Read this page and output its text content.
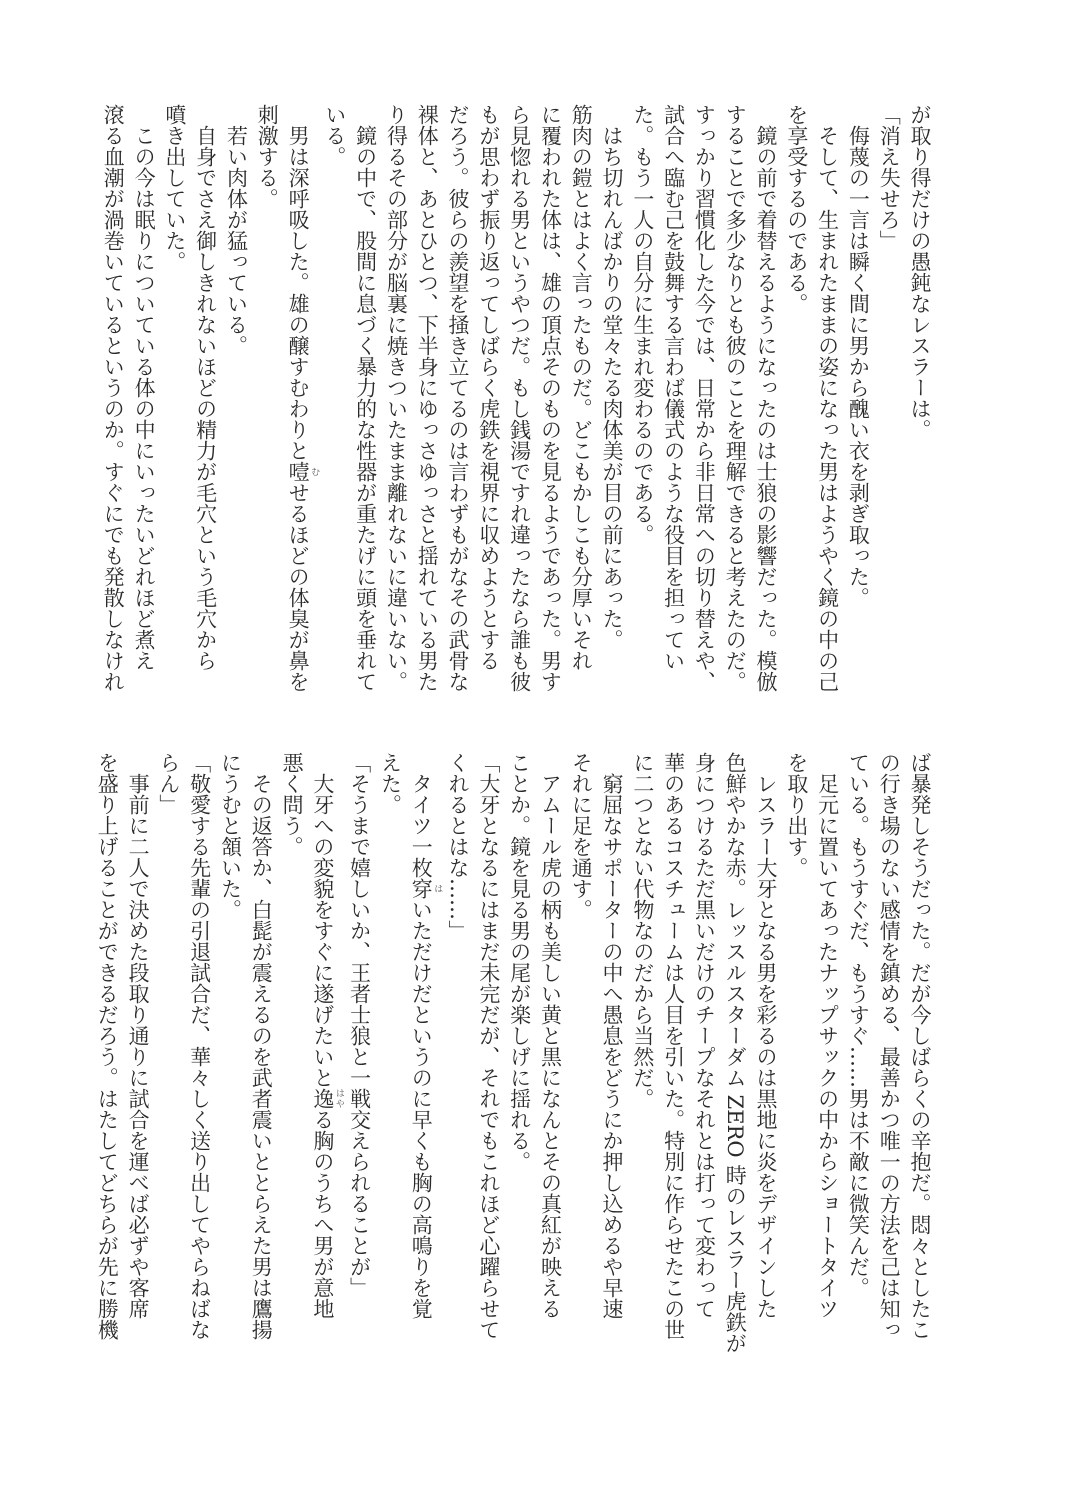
が取り得だけの愚鈍なレスラーは。
「消え失せろ」
　侮蔑の一言は瞬く間に男から醜い衣を剥ぎ取った。
　そして、生まれたままの姿になった男はようやく鏡の中の己
を享受するのである。
　鏡の前で着替えるようになったのは士狼の影響だった。模倣
することで多少なりとも彼のことを理解できると考えたのだ。
すっかり習慣化した今では、日常から非日常への切り替えや、
試合へ臨む己を鼓舞する言わば儀式のような役目を担ってい
た。もう一人の自分に生まれ変わるのである。
　はち切れんばかりの堂々たる肉体美が目の前にあった。
筋肉の鎧とはよく言ったものだ。どこもかしこも分厚いそれ
に覆われた体は、雄の頂点そのものを見るようであった。男す
ら見惚れる男というやつだ。もし銭湯ですれ違ったなら誰も彼
もが思わず振り返ってしばらく虎鉄を視界に収めようとする
だろう。彼らの羨望を掻き立てるのは言わずもがなその武骨な
裸体と、あとひとつ、下半身にゆっさゆっさと揺れている男た
り得るその部分が脳裏に焼きついたまま離れないに違いない。
　鏡の中で、股間に息づく暴力的な性器が重たげに頭を垂れて
いる。
　男は深呼吸した。雄の醸すむわりと噎 むせるほどの体臭が鼻を
刺激する。
　若い肉体が猛っている。
　自身でさえ御しきれないほどの精力が毛穴という毛穴から
噴き出していた。
　この今は眠りについている体の中にいったいどれほど煮え
滾る血潮が渦巻いているというのか。すぐにでも発散しなけれ
ば暴発しそうだった。だが今しばらくの辛抱だ。悶々としたこ
の行き場のない感情を鎮める、最善かつ唯一の方法を己は知っ
ている。もうすぐだ、もうすぐ……男は不敵に微笑んだ。
　足元に置いてあったナップサックの中からショートタイツ
を取り出す。
　レスラー大牙となる男を彩るのは黒地に炎をデザインした
色鮮やかな赤。レッスルスターダム ZERO 時のレスラー虎鉄が
身につけるただ黒いだけのチープなそれとは打って変わって
華のあるコスチュームは人目を引いた。特別に作らせたこの世
に二つとない代物なのだから当然だ。
　窮屈なサポーターの中へ愚息をどうにか押し込めるや早速
それに足を通す。
　アムール虎の柄も美しい黄と黒になんとその真紅が映える
ことか。鏡を見る男の尾が楽しげに揺れる。
「大牙となるにはまだ未完だが、それでもこれほど心躍らせて
くれるとはな……」
　タイツ一枚穿 はいただけだというのに早くも胸の高鳴りを覚
えた。
「そうまで嬉しいか、王者士狼と一戦交えられることが」
　大牙への変貌をすぐに遂げたいと逸 はやる胸のうちへ男が意地
悪く問う。
　その返答か、白髭が震えるのを武者震いととらえた男は鷹揚
にうむと頷いた。
「敬愛する先輩の引退試合だ、華々しく送り出してやらねばな
らん」
　事前に二人で決めた段取り通りに試合を運べば必ずや客席
を盛り上げることができるだろう。はたしてどちらが先に勝機
